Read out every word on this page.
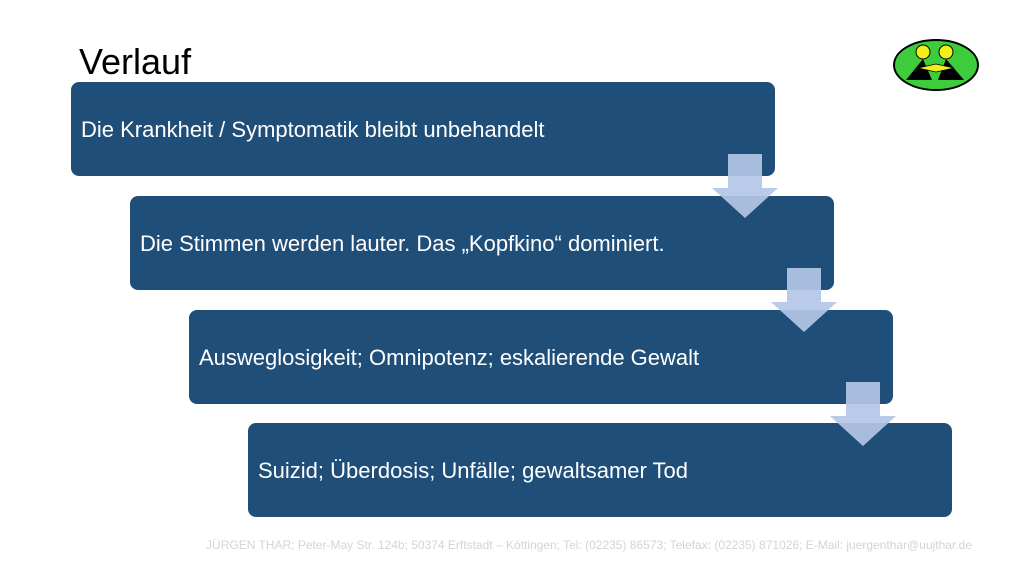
Verlauf
Die Krankheit / Symptomatik bleibt unbehandelt
Die Stimmen werden lauter. Das „Kopfkino“ dominiert.
Ausweglosigkeit; Omnipotenz; eskalierende Gewalt
Suizid; Überdosis; Unfälle; gewaltsamer Tod
JÜRGEN THAR; Peter-May Str. 124b; 50374 Erftstadt – Köttingen; Tel: (02235) 86573; Telefax: (02235) 871026; E-Mail: juergenthar@uujthar.de
